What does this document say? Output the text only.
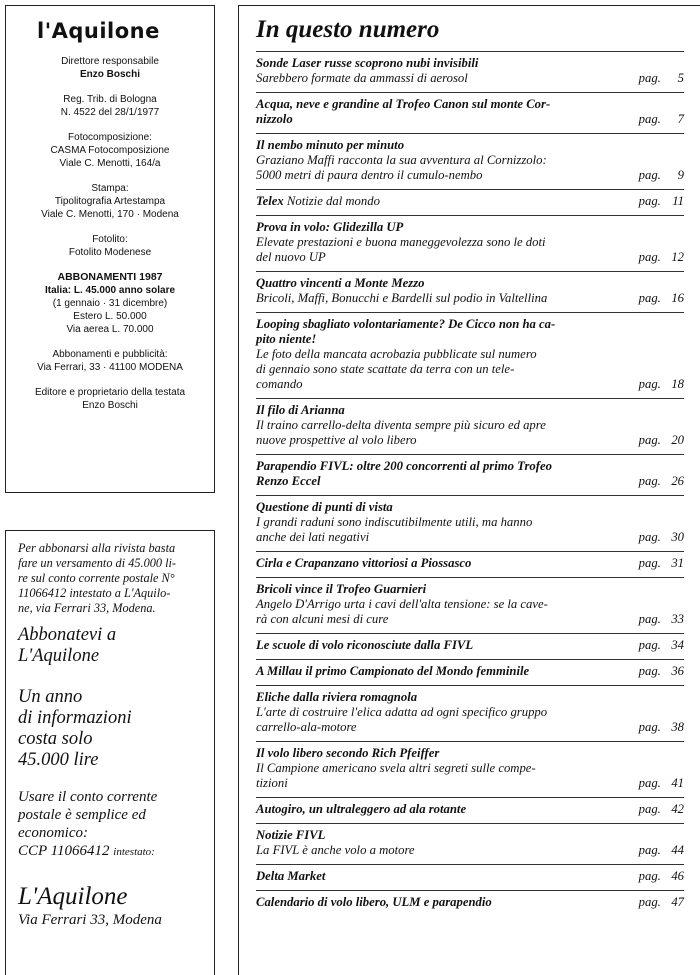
l'Aquilone
Direttore responsabile
Enzo Boschi
Reg. Trib. di Bologna
N. 4522 del 28/1/1977
Fotocomposizione:
CASMA Fotocomposizione
Viale C. Menotti, 164/a
Stampa:
Tipolitografia Artestampa
Viale C. Menotti, 170 · Modena
Fotolito:
Fotolito Modenese
ABBONAMENTI 1987
Italia: L. 45.000 anno solare
(1 gennaio · 31 dicembre)
Estero L. 50.000
Via aerea L. 70.000
Abbonamenti e pubblicità:
Via Ferrari, 33 · 41100 MODENA
Editore e proprietario della testata
Enzo Boschi
Per abbonarsi alla rivista basta
fare un versamento di 45.000 li-
re sul conto corrente postale N°
11066412 intestato a L'Aquilo-
ne, via Ferrari 33, Modena.
Abbonatevi a
L'Aquilone
Un anno
di informazioni
costa solo
45.000 lire
Usare il conto corrente
postale è semplice ed
economico:
CCP 11066412 intestato:
L'Aquilone
Via Ferrari 33, Modena
In questo numero
Sonde Laser russe scoprono nubi invisibili
Sarebbero formate da ammassi di aerosol	pag. 5
Acqua, neve e grandine al Trofeo Canon sul monte Cor-
nizzolo	pag. 7
Il nembo minuto per minuto
Graziano Maffi racconta la sua avventura al Cornizzolo:
5000 metri di paura dentro il cumulo-nembo	pag. 9
Telex Notizie dal mondo	pag. 11
Prova in volo: Glidezilla UP
Elevate prestazioni e buona maneggevolezza sono le doti
del nuovo UP	pag. 12
Quattro vincenti a Monte Mezzo
Bricoli, Maffi, Bonucchi e Bardelli sul podio in Valtellina	pag. 16
Looping sbagliato volontariamente? De Cicco non ha ca-
pito niente!
Le foto della mancata acrobazia pubblicate sul numero
di gennaio sono state scattate da terra con un tele-
comando	pag. 18
Il filo di Arianna
Il traino carrello-delta diventa sempre più sicuro ed apre
nuove prospettive al volo libero	pag. 20
Parapendio FIVL: oltre 200 concorrenti al primo Trofeo
Renzo Eccel	pag. 26
Questione di punti di vista
I grandi raduni sono indiscutibilmente utili, ma hanno
anche dei lati negativi	pag. 30
Cirla e Crapanzano vittoriosi a Piossasco	pag. 31
Bricoli vince il Trofeo Guarnieri
Angelo D'Arrigo urta i cavi dell'alta tensione: se la cave-
rà con alcuni mesi di cure	pag. 33
Le scuole di volo riconosciute dalla FIVL	pag. 34
A Millau il primo Campionato del Mondo femminile	pag. 36
Eliche dalla riviera romagnola
L'arte di costruire l'elica adatta ad ogni specifico gruppo
carrello-ala-motore	pag. 38
Il volo libero secondo Rich Pfeiffer
Il Campione americano svela altri segreti sulle compe-
tizioni	pag. 41
Autogiro, un ultraleggero ad ala rotante	pag. 42
Notizie FIVL
La FIVL è anche volo a motore	pag. 44
Delta Market	pag. 46
Calendario di volo libero, ULM e parapendio	pag. 47
